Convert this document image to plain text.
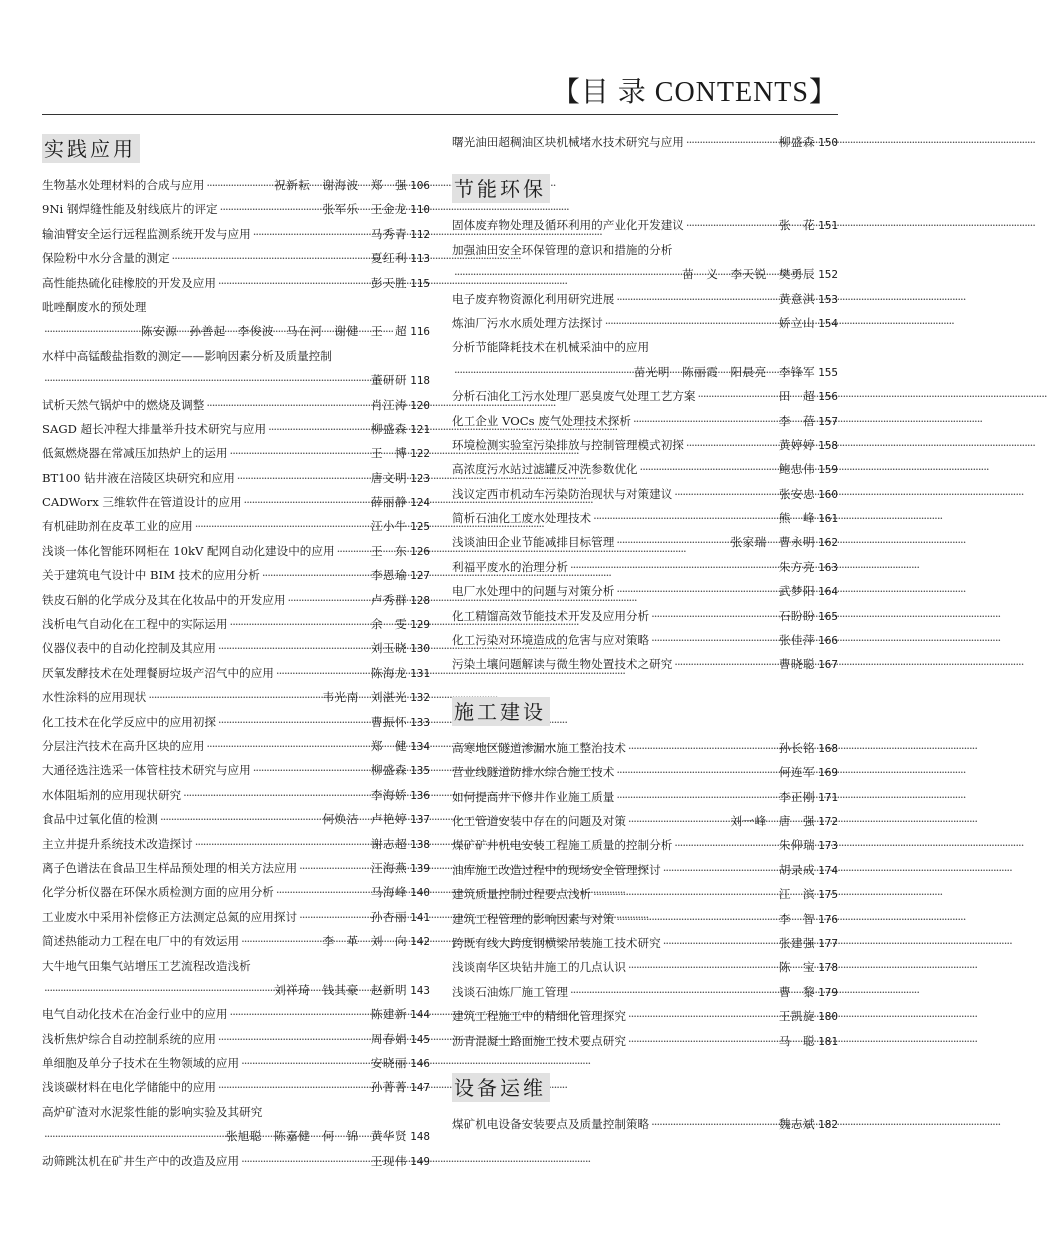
【目 录 CONTENTS】
实践应用
生物基水处理材料的合成与应用 ·····	祝新耘　谢海波　郑　强 106
9Ni 钢焊缝性能及射线底片的评定 ·····	张军乐　王金龙 110
输油臂安全运行远程监测系统开发与应用 ·····	马秀青 112
保险粉中水分含量的测定 ·····	夏红利 113
高性能热硫化硅橡胶的开发及应用 ·····	彭天胜 115
吡唑酮废水的预处理
·····
陈安源　孙善起　李俊波　马在河　谢健　王　超 116
水样中高锰酸盐指数的测定——影响因素分析及质量控制
·····
董研研 118
试析天然气锅炉中的燃烧及调整 ·····	肖江涛 120
SAGD 超长冲程大排量举升技术研究与应用 ·····	柳盛森 121
低氮燃烧器在常减压加热炉上的运用 ·····	王　博 122
BT100 钻井液在涪陵区块研究和应用 ·····	唐文明 123
CADWorx 三维软件在管道设计的应用 ·····	薛丽静 124
有机硅助剂在皮革工业的应用 ·····	江小牛 125
浅谈一体化智能环网柜在 10kV 配网自动化建设中的应用 ·····	王　东 126
关于建筑电气设计中 BIM 技术的应用分析 ·····	李恩瑜 127
铁皮石斛的化学成分及其在化妆品中的开发应用 ·····	卢秀群 128
浅析电气自动化在工程中的实际运用 ·····	余　雯 129
仪器仪表中的自动化控制及其应用 ·····	刘玉晓 130
厌氧发酵技术在处理餐厨垃圾产沼气中的应用 ·····	陈海龙 131
水性涂料的应用现状 ·····	韦光南　刘湛光 132
化工技术在化学反应中的应用初探 ·····	曹振怀 133
分层注汽技术在高升区块的应用 ·····	郑　健 134
大通径选注选采一体管柱技术研究与应用 ·····	柳盛森 135
水体阻垢剂的应用现状研究 ·····	李海娇 136
食品中过氧化值的检测 ·····	何焕洁　卢艳婷 137
主立井提升系统技术改造探讨 ·····	谢志超 138
离子色谱法在食品卫生样品预处理的相关方法应用 ·····	汪海燕 139
化学分析仪器在环保水质检测方面的应用分析 ·····	马海峰 140
工业废水中采用补偿修正方法测定总氮的应用探讨 ·····	孙杏丽 141
简述热能动力工程在电厂中的有效运用 ·····	李　革　刘　向 142
大牛地气田集气站增压工艺流程改造浅析
·····
刘祥琦　钱其豪　赵新明 143
电气自动化技术在冶金行业中的应用 ·····	陈建新 144
浅析焦炉综合自动控制系统的应用 ·····	周春娟 145
单细胞及单分子技术在生物领域的应用 ·····	安晓丽 146
浅谈碳材料在电化学储能中的应用 ·····	孙菁菁 147
高炉矿渣对水泥浆性能的影响实验及其研究
·····
张旭聪　陈嘉健　何　锦　黄华贤 148
动筛跳汰机在矿井生产中的改造及应用 ·····	王现伟 149
曙光油田超稠油区块机械堵水技术研究与应用 ·····	柳盛森 150
节能环保
固体废弃物处理及循环利用的产业化开发建议 ·····	张　花 151
加强油田安全环保管理的意识和措施的分析
·····
苗　义　李天锐　樊勇辰 152
电子废弃物资源化利用研究进展 ·····	黄意淇 153
炼油厂污水水质处理方法探讨 ·····	娇立山 154
分析节能降耗技术在机械采油中的应用
·····
苗光明　陈丽霞　阳晨亮　李锋军 155
分析石油化工污水处理厂恶臭废气处理工艺方案 ·····	田　超 156
化工企业 VOCs 废气处理技术探析 ·····	李　蓓 157
环境检测实验室污染排放与控制管理模式初探 ·····	黄婷婷 158
高浓度污水站过滤罐反冲洗参数优化 ·····	鲍忠伟 159
浅议定西市机动车污染防治现状与对策建议 ·····	张安忠 160
简析石油化工废水处理技术 ·····	熊　峰 161
浅谈油田企业节能减排目标管理 ·····	张家瑞　曹永明 162
利福平废水的治理分析 ·····	朱方亮 163
电厂水处理中的问题与对策分析 ·····	武梦阳 164
化工精馏高效节能技术开发及应用分析 ·····	石盼盼 165
化工污染对环境造成的危害与应对策略 ·····	张佳萍 166
污染土壤问题解读与微生物处置技术之研究 ·····	曹晓聪 167
施工建设
高寒地区隧道渗漏水施工整治技术 ·····	孙长铭 168
营业线隧道防排水综合施工技术 ·····	何连军 169
如何提高井下修井作业施工质量 ·····	李正刚 171
化工管道安装中存在的问题及对策 ·····	刘一峰　唐　强 172
煤矿矿井机电安装工程施工质量的控制分析 ·····	朱仰瑞 173
油库施工改造过程中的现场安全管理探讨 ·····	胡录成 174
建筑质量控制过程要点浅析 ·····	江　滨 175
建筑工程管理的影响因素与对策 ·····	李　智 176
跨既有线大跨度钢横梁吊装施工技术研究 ·····	张建强 177
浅谈南华区块钻井施工的几点认识 ·····	陈　宝 178
浅谈石油炼厂施工管理 ·····	曹　黎 179
建筑工程施工中的精细化管理探究 ·····	王凯旋 180
沥青混凝土路面施工技术要点研究 ·····	马　聪 181
设备运维
煤矿机电设备安装要点及质量控制策略 ·····	魏志斌 182
